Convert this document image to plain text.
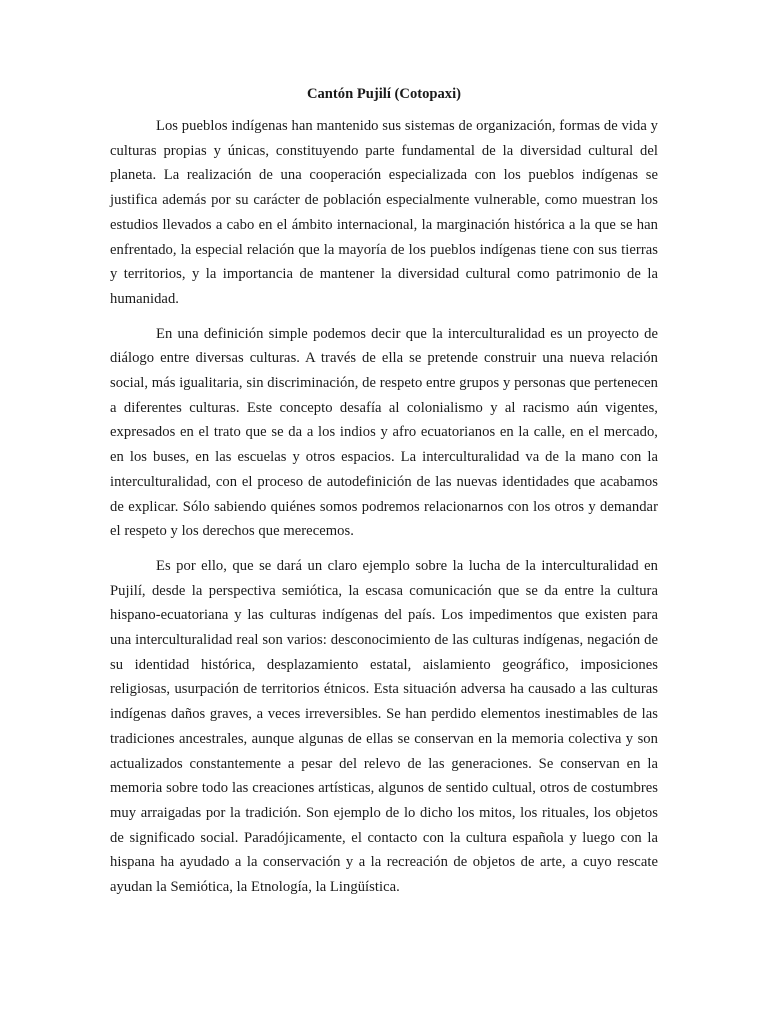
Cantón Pujilí (Cotopaxi)

Los pueblos indígenas han mantenido sus sistemas de organización, formas de vida y culturas propias y únicas, constituyendo parte fundamental de la diversidad cultural del planeta. La realización de una cooperación especializada con los pueblos indígenas se justifica además por su carácter de población especialmente vulnerable, como muestran los estudios llevados a cabo en el ámbito internacional, la marginación histórica a la que se han enfrentado, la especial relación que la mayoría de los pueblos indígenas tiene con sus tierras y territorios, y la importancia de mantener la diversidad cultural como patrimonio de la humanidad.

En una definición simple podemos decir que la interculturalidad es un proyecto de diálogo entre diversas culturas. A través de ella se pretende construir una nueva relación social, más igualitaria, sin discriminación, de respeto entre grupos y personas que pertenecen a diferentes culturas. Este concepto desafía al colonialismo y al racismo aún vigentes, expresados en el trato que se da a los indios y afro ecuatorianos en la calle, en el mercado, en los buses, en las escuelas y otros espacios. La interculturalidad va de la mano con la interculturalidad, con el proceso de autodefinición de las nuevas identidades que acabamos de explicar. Sólo sabiendo quiénes somos podremos relacionarnos con los otros y demandar el respeto y los derechos que merecemos.

Es por ello, que se dará un claro ejemplo sobre la lucha de la interculturalidad en Pujilí, desde la perspectiva semiótica, la escasa comunicación que se da entre la cultura hispano-ecuatoriana y las culturas indígenas del país. Los impedimentos que existen para una interculturalidad real son varios: desconocimiento de las culturas indígenas, negación de su identidad histórica, desplazamiento estatal, aislamiento geográfico, imposiciones religiosas, usurpación de territorios étnicos. Esta situación adversa ha causado a las culturas indígenas daños graves, a veces irreversibles. Se han perdido elementos inestimables de las tradiciones ancestrales, aunque algunas de ellas se conservan en la memoria colectiva y son actualizados constantemente a pesar del relevo de las generaciones. Se conservan en la memoria sobre todo las creaciones artísticas, algunos de sentido cultual, otros de costumbres muy arraigadas por la tradición. Son ejemplo de lo dicho los mitos, los rituales, los objetos de significado social. Paradójicamente, el contacto con la cultura española y luego con la hispana ha ayudado a la conservación y a la recreación de objetos de arte, a cuyo rescate ayudan la Semiótica, la Etnología, la Lingüística.
